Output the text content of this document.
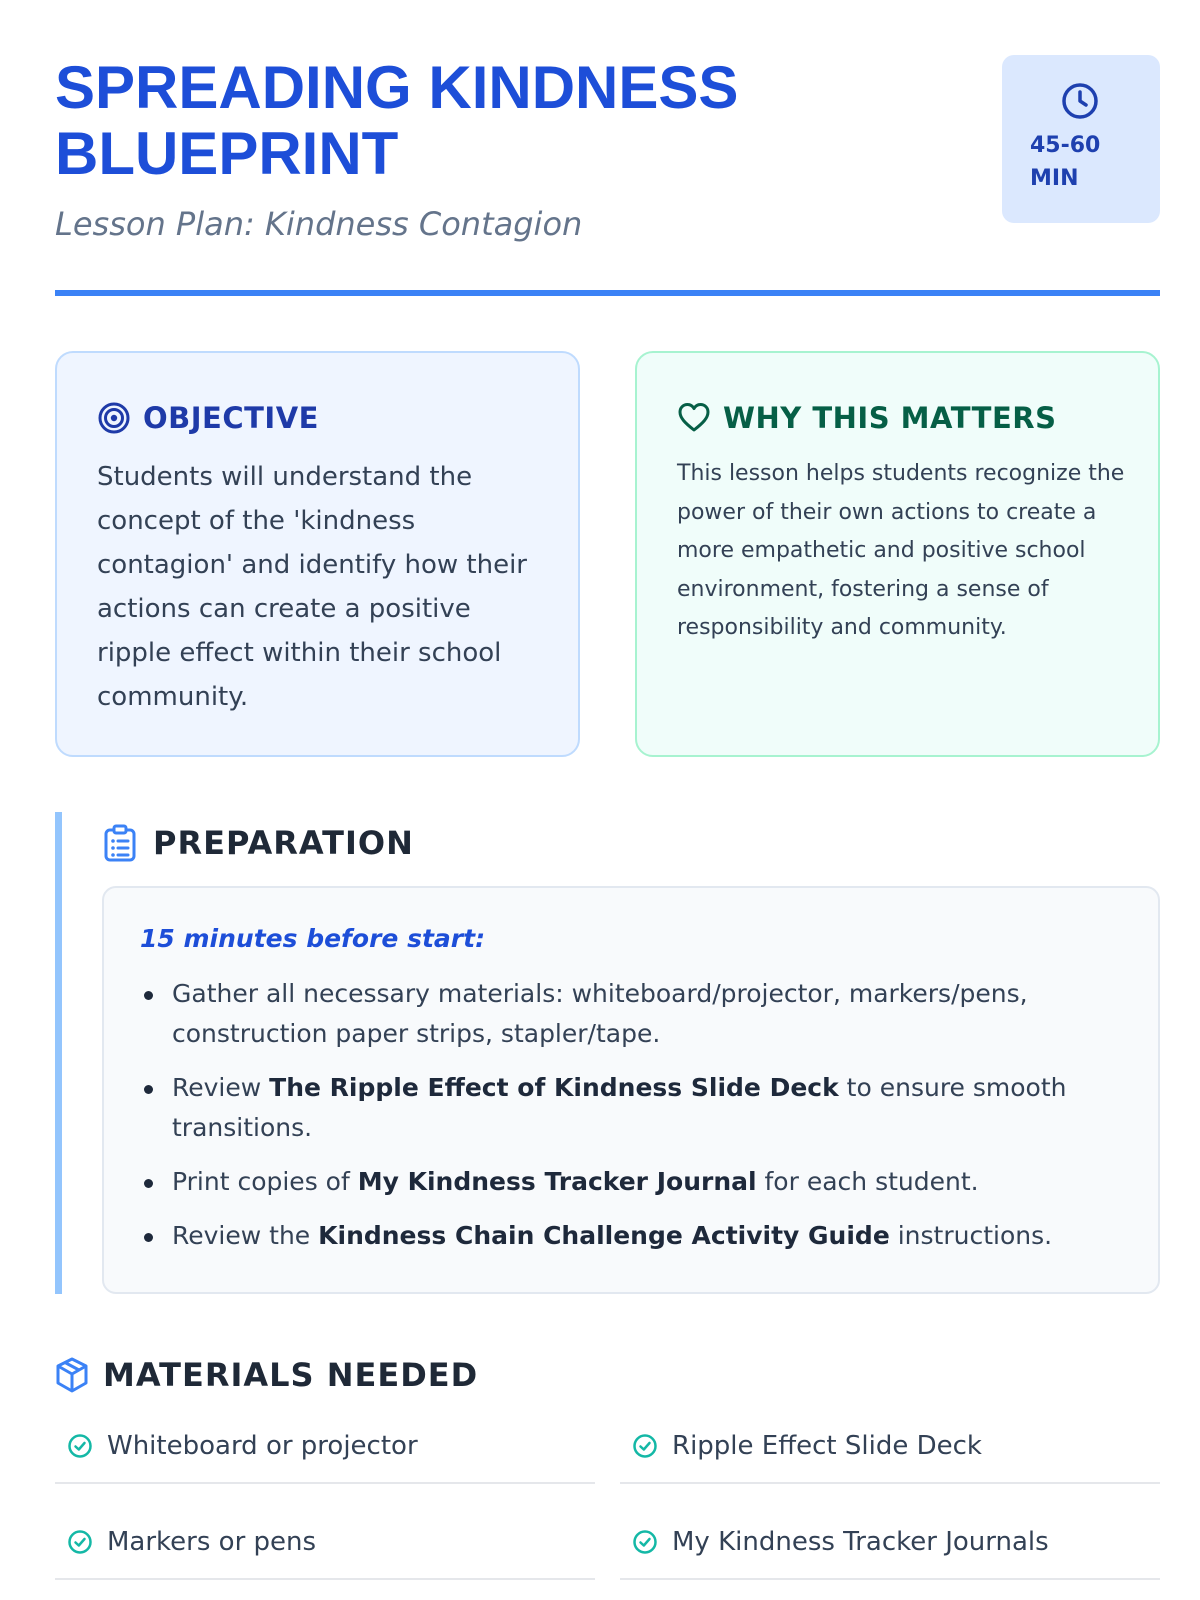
SPREADING KINDNESS
BLUEPRINT

Lesson Plan: Kindness Contagion

45-60
MIN
OBJECTIVE

Students will understand the concept of the 'kindness contagion' and identify how their actions can create a positive ripple effect within their school community.

WHY THIS MATTERS

This lesson helps students recognize the power of their own actions to create a more empathetic and positive school environment, fostering a sense of responsibility and community.

PREPARATION
15 minutes before start:
Gather all necessary materials: whiteboard/projector, markers/pens, construction paper strips, stapler/tape.
Review The Ripple Effect of Kindness Slide Deck to ensure smooth transitions.
Print copies of My Kindness Tracker Journal for each student.
Review the Kindness Chain Challenge Activity Guide instructions.
MATERIALS NEEDED
Whiteboard or projector	Ripple Effect Slide Deck
Markers or pens	My Kindness Tracker Journals
